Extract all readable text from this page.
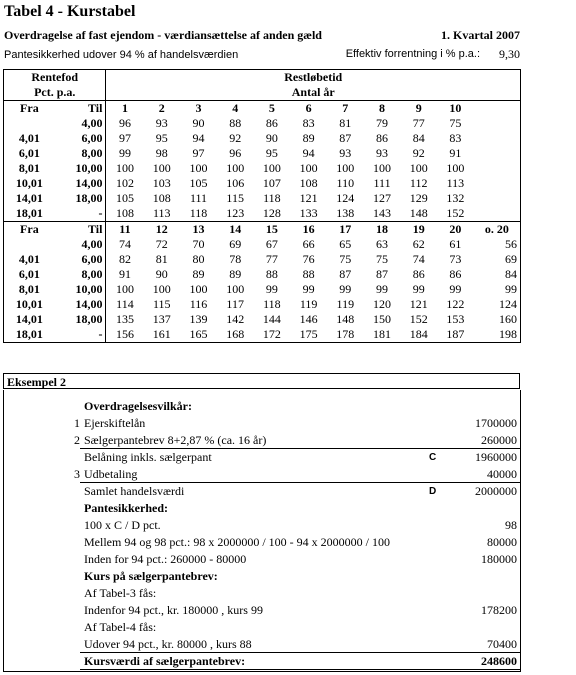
Tabel 4 - Kurstabel
Overdragelse af fast ejendom - værdiansættelse af anden gæld	1. Kvartal 2007
Pantesikkerhed udover 94 % af handelsværdien	Effektiv forrentning i % p.a.: 9,30
Rentefod		Restløbetid										
Pct. p.a.		Antal år										
Fra	Til	1	2	3	4	5	6	7	8	9	10	
	4,00	96	93	90	88	86	83	81	79	77	75	
4,01	6,00	97	95	94	92	90	89	87	86	84	83	
6,01	8,00	99	98	97	96	95	94	93	93	92	91	
8,01	10,00	100	100	100	100	100	100	100	100	100	100	
10,01	14,00	102	103	105	106	107	108	110	111	112	113	
14,01	18,00	105	108	111	115	118	121	124	127	129	132	
18,01	-	108	113	118	123	128	133	138	143	148	152	
Fra	Til	11	12	13	14	15	16	17	18	19	20	o. 20
	4,00	74	72	70	69	67	66	65	63	62	61	56
4,01	6,00	82	81	80	78	77	76	75	75	74	73	69
6,01	8,00	91	90	89	89	88	88	87	87	86	86	84
8,01	10,00	100	100	100	100	99	99	99	99	99	99	99
10,01	14,00	114	115	116	117	118	119	119	120	121	122	124
14,01	18,00	135	137	139	142	144	146	148	150	152	153	160
18,01	-	156	161	165	168	172	175	178	181	184	187	198
Eksempel 2
Overdragelsesvilkår:
1 Ejerskiftelån	1700000
2 Sælgerpantebrev 8+2,87 % (ca. 16 år)	260000
Belåning inkls. sælgerpant	C	1960000
3 Udbetaling	40000
Samlet handelsværdi	D	2000000
Pantesikkerhed:
100 x C / D pct.	98
Mellem 94 og 98 pct.: 98 x 2000000 / 100 - 94 x 2000000 / 100	80000
Inden for 94 pct.: 260000 - 80000	180000
Kurs på sælgerpantebrev:
Af Tabel-3 fås:
Indenfor 94 pct., kr. 180000 , kurs 99	178200
Af Tabel-4 fås:
Udover 94 pct., kr. 80000 , kurs 88	70400
Kursværdi af sælgerpantebrev:	248600
